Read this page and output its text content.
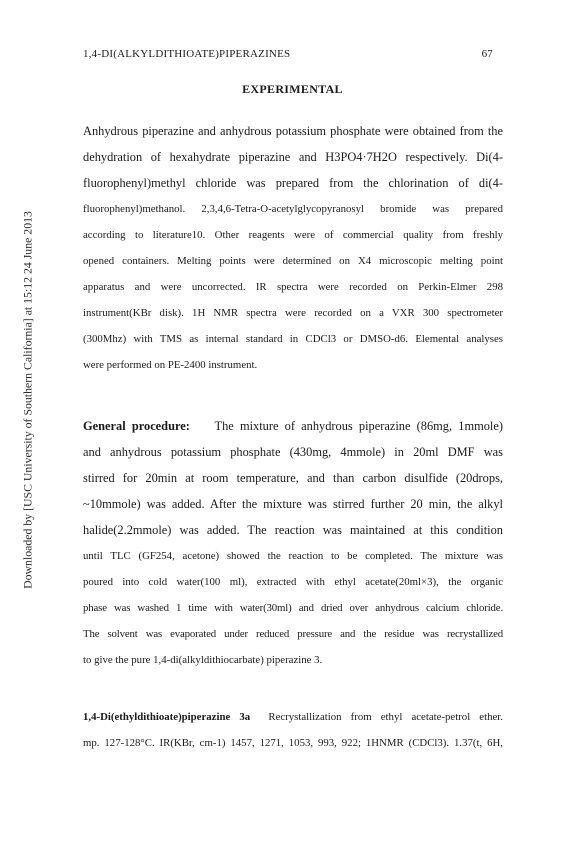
Downloaded by [USC University of Southern California] at 15:12 24 June 2013
1,4-DI(ALKYLDITHIOATE)PIPERAZINES	67
EXPERIMENTAL
Anhydrous piperazine and anhydrous potassium phosphate were obtained from the
dehydration of hexahydrate piperazine and H3PO4·7H2O respectively. Di(4-
fluorophenyl)methyl chloride was prepared from the chlorination of di(4-
fluorophenyl)methanol. 2,3,4,6-Tetra-O-acetylglycopyranosyl bromide was prepared
according to literature10. Other reagents were of commercial quality from freshly
opened containers. Melting points were determined on X4 microscopic melting point
apparatus and were uncorrected. IR spectra were recorded on Perkin-Elmer 298
instrument(KBr disk). 1H NMR spectra were recorded on a VXR 300 spectrometer
(300Mhz) with TMS as internal standard in CDCl3 or DMSO-d6. Elemental analyses
were performed on PE-2400 instrument.
General procedure: The mixture of anhydrous piperazine (86mg, 1mmole)
and anhydrous potassium phosphate (430mg, 4mmole) in 20ml DMF was
stirred for 20min at room temperature, and than carbon disulfide (20drops,
~10mmole) was added. After the mixture was stirred further 20 min, the alkyl
halide(2.2mmole) was added. The reaction was maintained at this condition
until TLC (GF254, acetone) showed the reaction to be completed. The mixture was
poured into cold water(100 ml), extracted with ethyl acetate(20ml×3), the organic
phase was washed 1 time with water(30ml) and dried over anhydrous calcium chloride.
The solvent was evaporated under reduced pressure and the residue was recrystallized
to give the pure 1,4-di(alkyldithiocarbate) piperazine 3.
1,4-Di(ethyldithioate)piperazine 3a Recrystallization from ethyl acetate-petrol ether.
mp. 127-128°C. IR(KBr, cm-1) 1457, 1271, 1053, 993, 922; 1HNMR (CDCl3). 1.37(t, 6H,
